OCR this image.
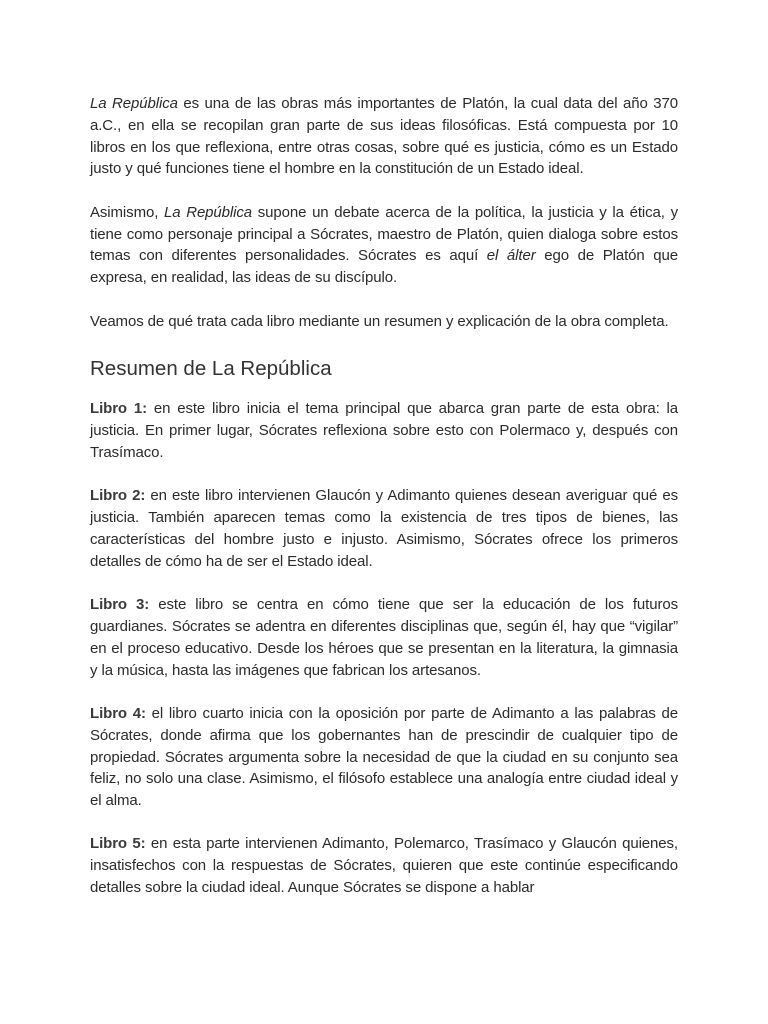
La República es una de las obras más importantes de Platón, la cual data del año 370 a.C., en ella se recopilan gran parte de sus ideas filosóficas. Está compuesta por 10 libros en los que reflexiona, entre otras cosas, sobre qué es justicia, cómo es un Estado justo y qué funciones tiene el hombre en la constitución de un Estado ideal.

Asimismo, La República supone un debate acerca de la política, la justicia y la ética, y tiene como personaje principal a Sócrates, maestro de Platón, quien dialoga sobre estos temas con diferentes personalidades. Sócrates es aquí el álter ego de Platón que expresa, en realidad, las ideas de su discípulo.

Veamos de qué trata cada libro mediante un resumen y explicación de la obra completa.

Resumen de La República

Libro 1: en este libro inicia el tema principal que abarca gran parte de esta obra: la justicia. En primer lugar, Sócrates reflexiona sobre esto con Polermaco y, después con Trasímaco.

Libro 2: en este libro intervienen Glaucón y Adimanto quienes desean averiguar qué es justicia. También aparecen temas como la existencia de tres tipos de bienes, las características del hombre justo e injusto. Asimismo, Sócrates ofrece los primeros detalles de cómo ha de ser el Estado ideal.

Libro 3: este libro se centra en cómo tiene que ser la educación de los futuros guardianes. Sócrates se adentra en diferentes disciplinas que, según él, hay que “vigilar” en el proceso educativo. Desde los héroes que se presentan en la literatura, la gimnasia y la música, hasta las imágenes que fabrican los artesanos.

Libro 4: el libro cuarto inicia con la oposición por parte de Adimanto a las palabras de Sócrates, donde afirma que los gobernantes han de prescindir de cualquier tipo de propiedad. Sócrates argumenta sobre la necesidad de que la ciudad en su conjunto sea feliz, no solo una clase. Asimismo, el filósofo establece una analogía entre ciudad ideal y el alma.

Libro 5: en esta parte intervienen Adimanto, Polemarco, Trasímaco y Glaucón quienes, insatisfechos con la respuestas de Sócrates, quieren que este continúe especificando detalles sobre la ciudad ideal. Aunque Sócrates se dispone a hablar
